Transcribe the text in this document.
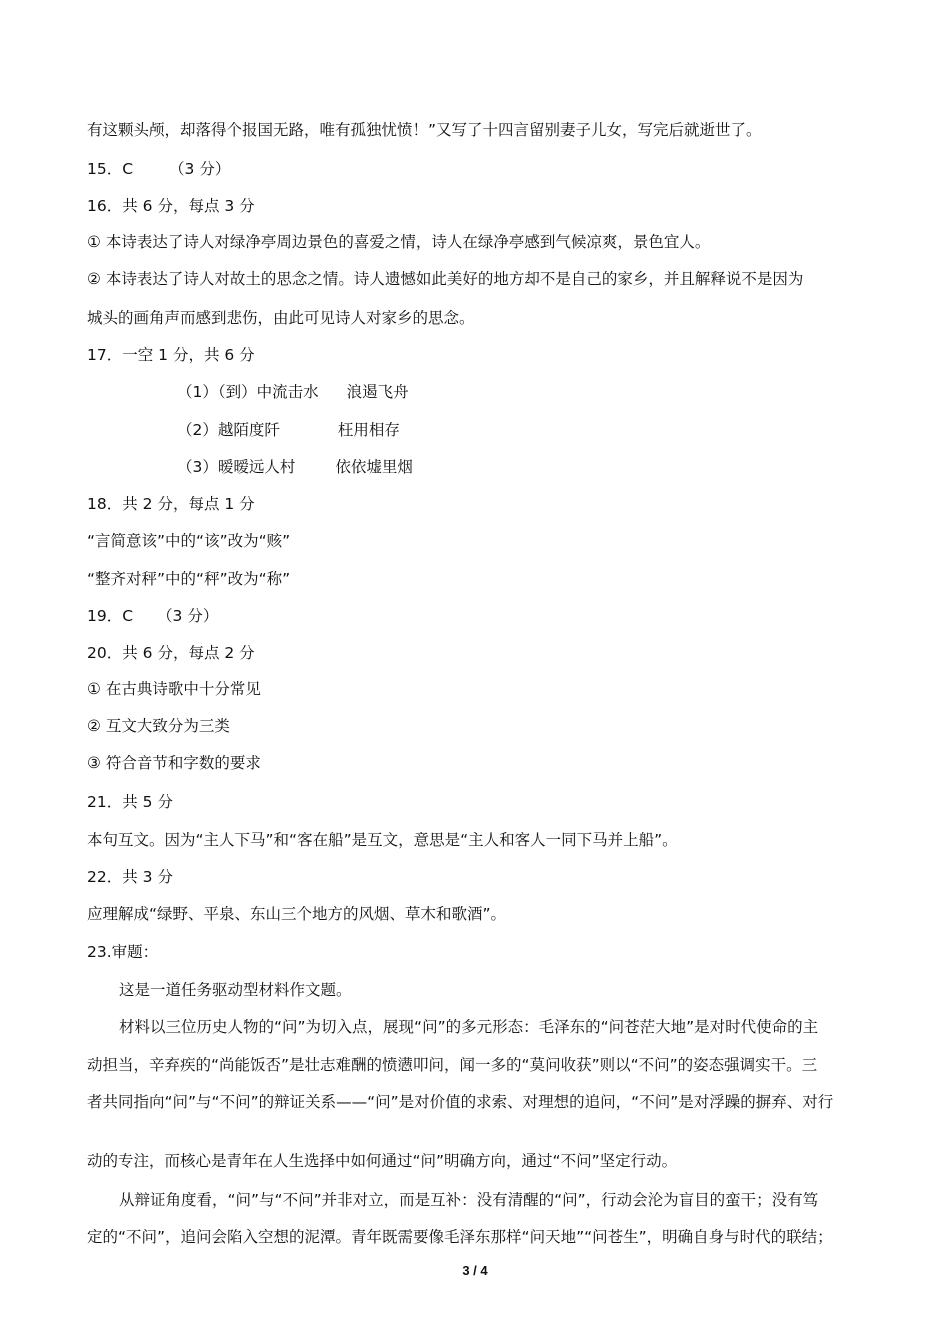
有这颗头颅，却落得个报国无路，唯有孤独忧愤！”又写了十四言留别妻子儿女，写完后就逝世了。
15．C （3 分）
16．共 6 分，每点 3 分
① 本诗表达了诗人对绿净亭周边景色的喜爱之情，诗人在绿净亭感到气候凉爽，景色宜人。
② 本诗表达了诗人对故土的思念之情。诗人遗憾如此美好的地方却不是自己的家乡，并且解释说不是因为
城头的画角声而感到悲伤，由此可见诗人对家乡的思念。
17．一空 1 分，共 6 分
（1）（到）中流击水 浪遏飞舟
（2）越陌度阡	枉用相存
（3）暧暧远人村	依依墟里烟
18．共 2 分，每点 1 分
“言简意该”中的“该”改为“赅”
“整齐对秤”中的“秤”改为“称”
19．C （3 分）
20．共 6 分，每点 2 分
① 在古典诗歌中十分常见
② 互文大致分为三类
③ 符合音节和字数的要求
21．共 5 分
本句互文。因为“主人下马”和“客在船”是互文，意思是“主人和客人一同下马并上船”。
22．共 3 分
应理解成“绿野、平泉、东山三个地方的风烟、草木和歌酒”。
23.审题：
这是一道任务驱动型材料作文题。
材料以三位历史人物的“问”为切入点，展现“问”的多元形态：毛泽东的“问苍茫大地”是对时代使命的主
动担当，辛弃疾的“尚能饭否”是壮志难酬的愤懑叩问，闻一多的“莫问收获”则以“不问”的姿态强调实干。三
者共同指向“问”与“不问”的辩证关系——“问”是对价值的求索、对理想的追问，“不问”是对浮躁的摒弃、对行
动的专注，而核心是青年在人生选择中如何通过“问”明确方向，通过“不问”坚定行动。
从辩证角度看，“问”与“不问”并非对立，而是互补：没有清醒的“问”，行动会沦为盲目的蛮干；没有笃
定的“不问”，追问会陷入空想的泥潭。青年既需要像毛泽东那样“问天地”“问苍生”，明确自身与时代的联结；
3 / 4
